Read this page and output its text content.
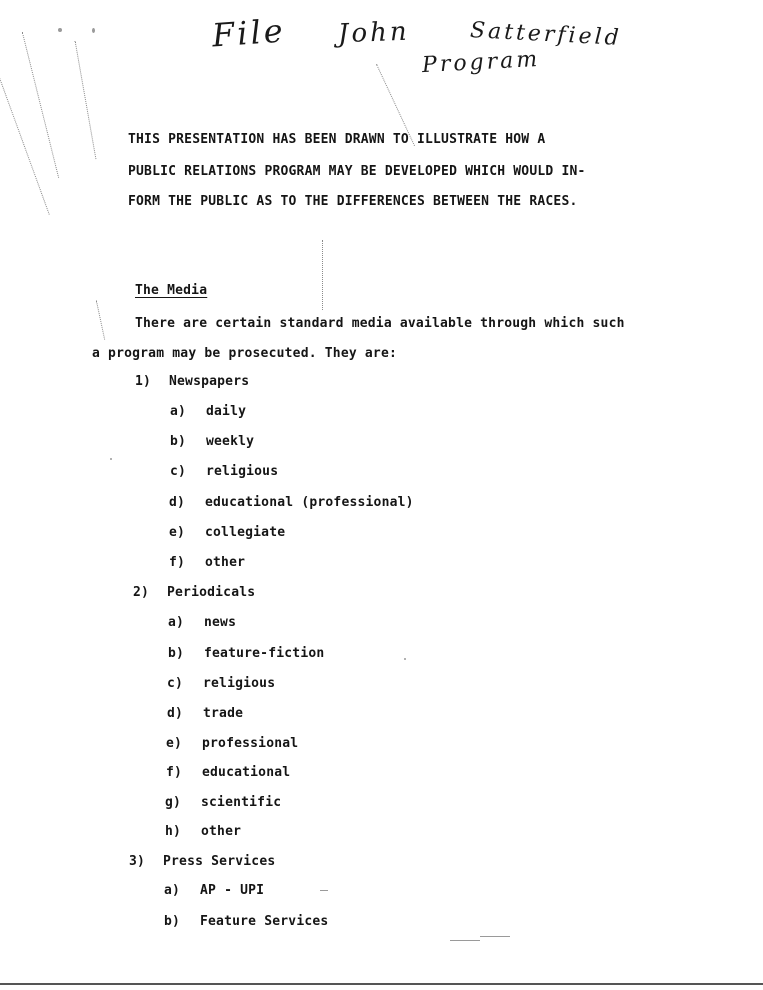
File John	Satterfield
Program
THIS PRESENTATION HAS BEEN DRAWN TO ILLUSTRATE HOW A
PUBLIC RELATIONS PROGRAM MAY BE DEVELOPED WHICH WOULD IN-
FORM THE PUBLIC AS TO THE DIFFERENCES BETWEEN THE RACES.
The Media
There are certain standard media available through which such
a program may be prosecuted. They are:
1) Newspapers
a) daily
b) weekly
c) religious
d) educational (professional)
e) collegiate
f) other
2) Periodicals
a) news
b) feature-fiction
c) religious
d) trade
e) professional
f) educational
g) scientific
h) other
3) Press Services
a) AP - UPI
b) Feature Services
